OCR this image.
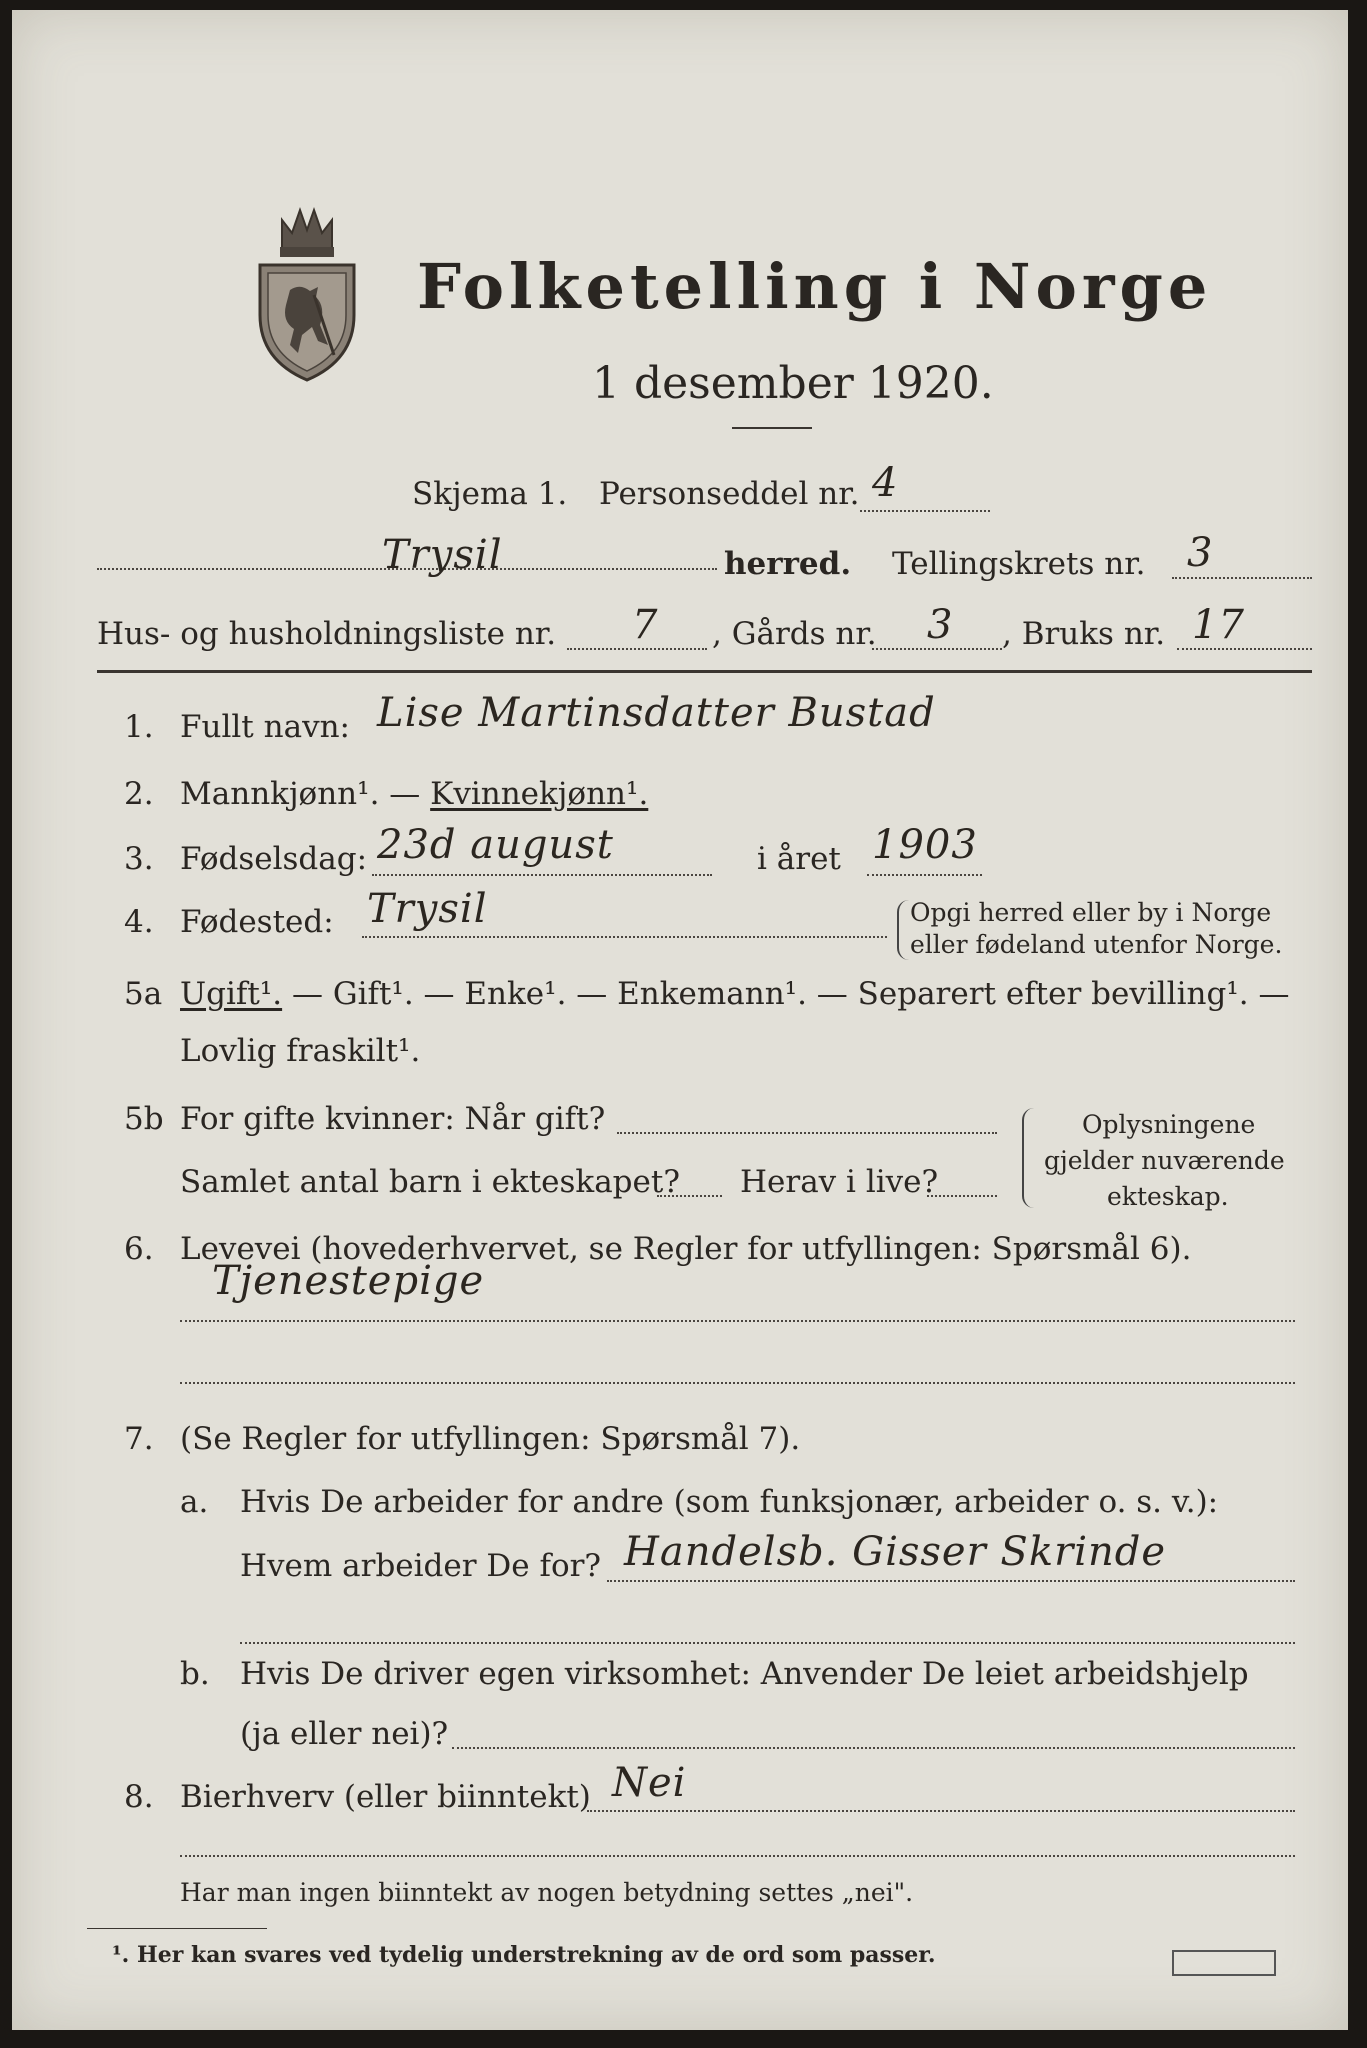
Folketelling i Norge
1 desember 1920.
Skjema 1. Personseddel nr. 4
Trysil	herred. Tellingskrets nr. 3
Hus- og husholdningsliste nr. 7 , Gårds nr. 3 , Bruks nr. 17
1. Fullt navn: Lise Martinsdatter Bustad
2. Mannkjønn¹. — Kvinnekjønn¹.
3. Fødselsdag: 23d august	i året 1903
4. Fødested: Trysil	Opgi herred eller by i Norge
eller fødeland utenfor Norge.
5a Ugift¹. — Gift¹. — Enke¹. — Enkemann¹. — Separert efter bevilling¹. —
Lovlig fraskilt¹.
5b For gifte kvinner: Når gift?
Samlet antal barn i ekteskapet? Herav i live?
Oplysningene
gjelder nuværende
ekteskap.
6. Levevei (hovederhvervet, se Regler for utfyllingen: Spørsmål 6).
Tjenestepige
7. (Se Regler for utfyllingen: Spørsmål 7).
a. Hvis De arbeider for andre (som funksjonær, arbeider o. s. v.):
Hvem arbeider De for? Handelsb. Gisser Skrinde
b. Hvis De driver egen virksomhet: Anvender De leiet arbeidshjelp
(ja eller nei)?
8. Bierhverv (eller biinntekt) Nei
Har man ingen biinntekt av nogen betydning settes „nei".
¹. Her kan svares ved tydelig understrekning av de ord som passer.
